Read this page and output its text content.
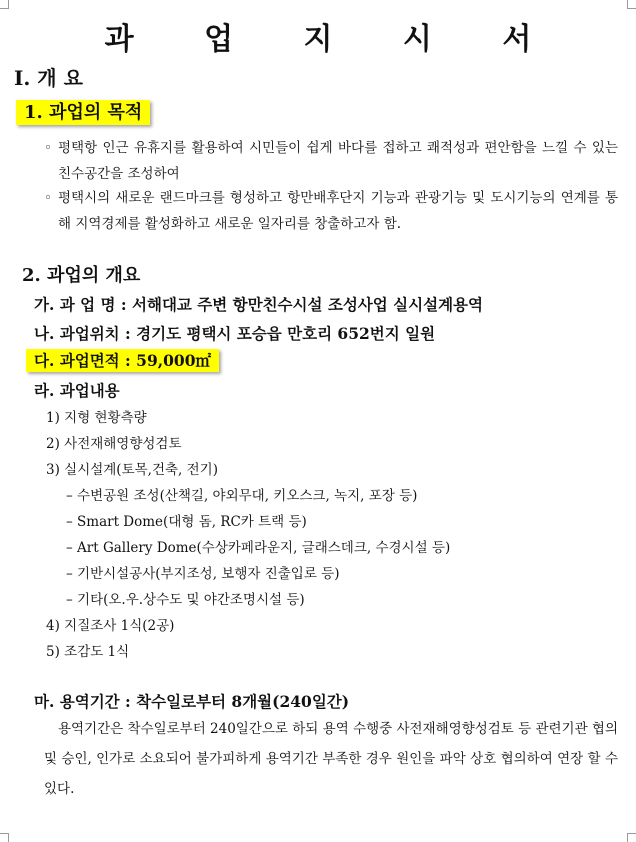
과 업 지 시 서
Ⅰ. 개 요
1. 과업의 목적
◦ 평택항 인근 유휴지를 활용하여 시민들이 쉽게 바다를 접하고 쾌적성과 편안함을 느낄 수 있는 친수공간을 조성하여
◦ 평택시의 새로운 랜드마크를 형성하고 항만배후단지 기능과 관광기능 및 도시기능의 연계를 통해 지역경제를 활성화하고 새로운 일자리를 창출하고자 함.
2. 과업의 개요
가. 과 업 명 : 서해대교 주변 항만친수시설 조성사업 실시설계용역
나. 과업위치 : 경기도 평택시 포승읍 만호리 652번지 일원
다. 과업면적 : 59,000㎡
라. 과업내용
1) 지형 현황측량
2) 사전재해영향성검토
3) 실시설계(토목,건축, 전기)
– 수변공원 조성(산책길, 야외무대, 키오스크, 녹지, 포장 등)
– Smart Dome(대형 돔, RC카 트랙 등)
– Art Gallery Dome(수상카페라운지, 글래스데크, 수경시설 등)
– 기반시설공사(부지조성, 보행자 진출입로 등)
– 기타(오.우.상수도 및 야간조명시설 등)
4) 지질조사 1식(2공)
5) 조감도 1식
마. 용역기간 : 착수일로부터 8개월(240일간)
용역기간은 착수일로부터 240일간으로 하되 용역 수행중 사전재해영향성검토 등 관련기관 협의 및 승인, 인가로 소요되어 불가피하게 용역기간 부족한 경우 원인을 파악 상호 협의하여 연장 할 수 있다.
